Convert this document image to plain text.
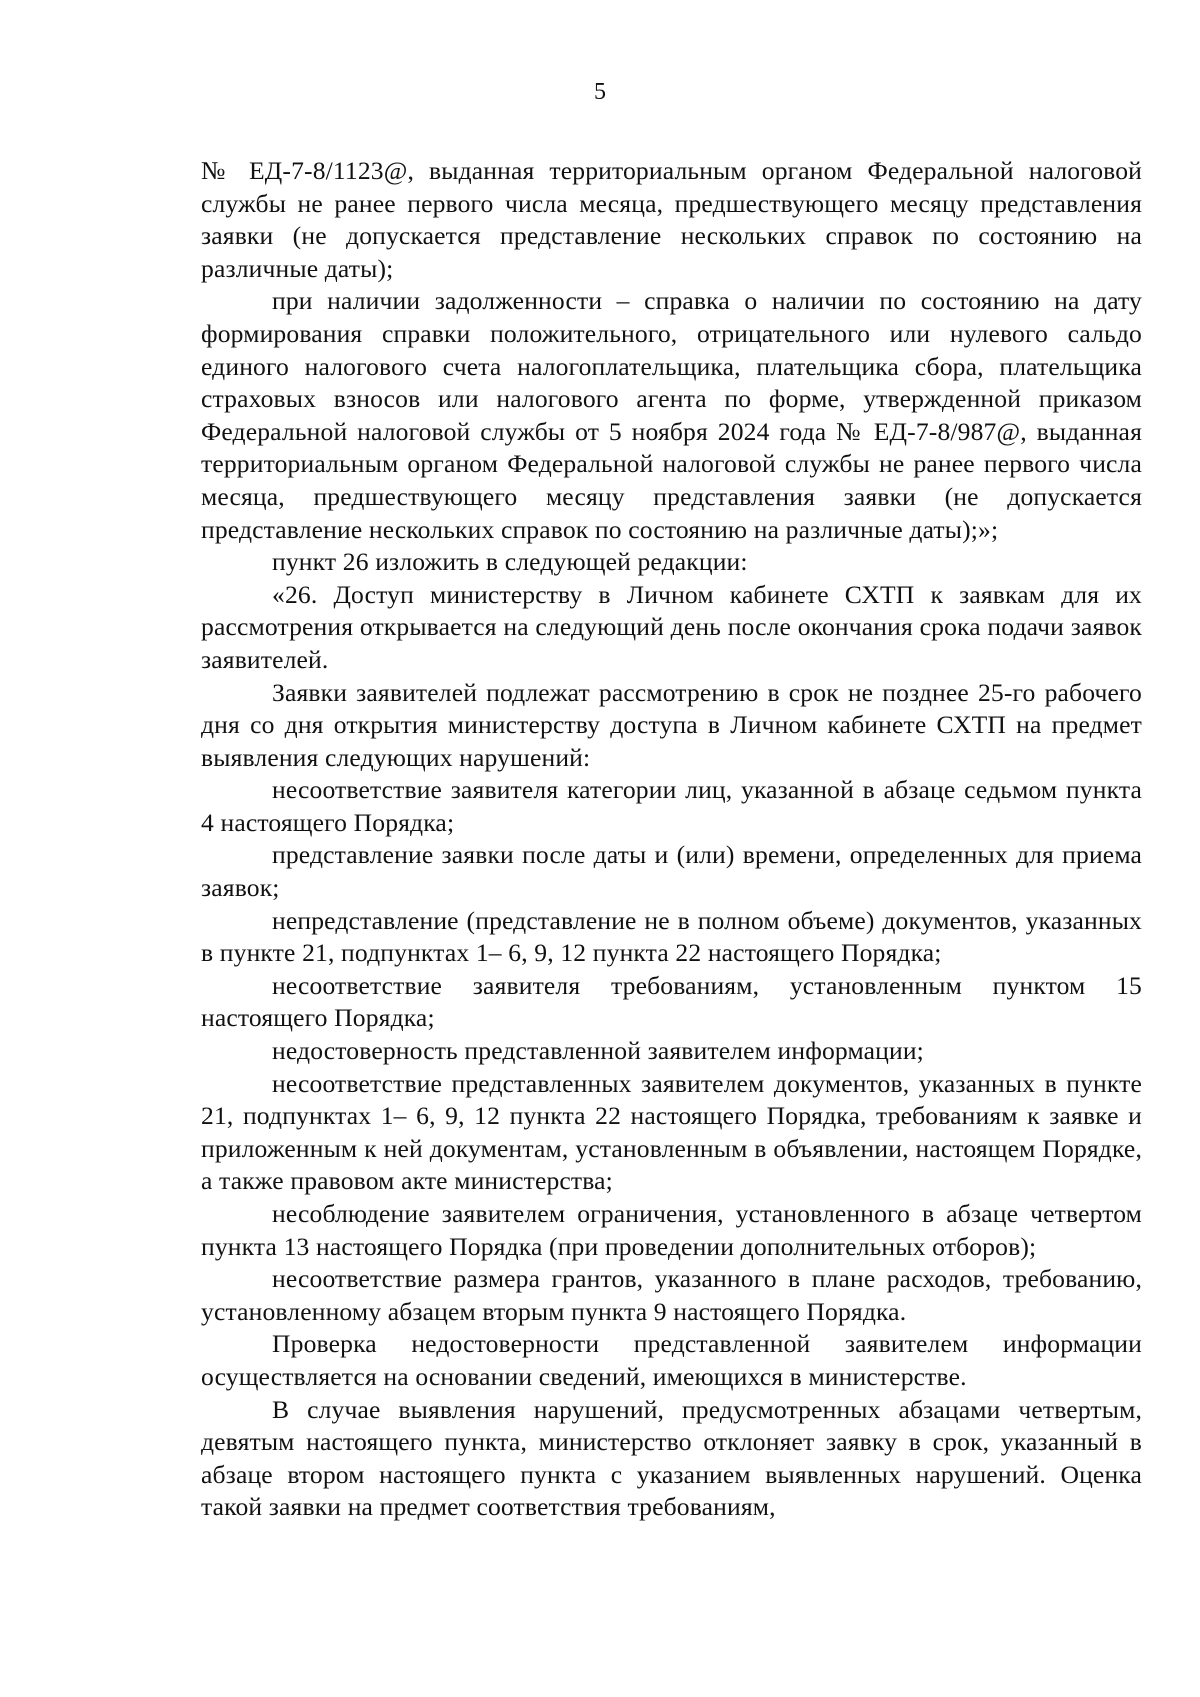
5

№ ЕД-7-8/1123@, выданная территориальным органом Федеральной налоговой службы не ранее первого числа месяца, предшествующего месяцу представления заявки (не допускается представление нескольких справок по состоянию на различные даты);

при наличии задолженности – справка о наличии по состоянию на дату формирования справки положительного, отрицательного или нулевого сальдо единого налогового счета налогоплательщика, плательщика сбора, плательщика страховых взносов или налогового агента по форме, утвержденной приказом Федеральной налоговой службы от 5 ноября 2024 года № ЕД-7-8/987@, выданная территориальным органом Федеральной налоговой службы не ранее первого числа месяца, предшествующего месяцу представления заявки (не допускается представление нескольких справок по состоянию на различные даты);»;

пункт 26 изложить в следующей редакции:

«26. Доступ министерству в Личном кабинете СХТП к заявкам для их рассмотрения открывается на следующий день после окончания срока подачи заявок заявителей.

Заявки заявителей подлежат рассмотрению в срок не позднее 25-го рабочего дня со дня открытия министерству доступа в Личном кабинете СХТП на предмет выявления следующих нарушений:

несоответствие заявителя категории лиц, указанной в абзаце седьмом пункта 4 настоящего Порядка;

представление заявки после даты и (или) времени, определенных для приема заявок;

непредставление (представление не в полном объеме) документов, указанных в пункте 21, подпунктах 1– 6, 9, 12 пункта 22 настоящего Порядка;

несоответствие заявителя требованиям, установленным пунктом 15 настоящего Порядка;

недостоверность представленной заявителем информации;

несоответствие представленных заявителем документов, указанных в пункте 21, подпунктах 1– 6, 9, 12 пункта 22 настоящего Порядка, требованиям к заявке и приложенным к ней документам, установленным в объявлении, настоящем Порядке, а также правовом акте министерства;

несоблюдение заявителем ограничения, установленного в абзаце четвертом пункта 13 настоящего Порядка (при проведении дополнительных отборов);

несоответствие размера грантов, указанного в плане расходов, требованию, установленному абзацем вторым пункта 9 настоящего Порядка.

Проверка недостоверности представленной заявителем информации осуществляется на основании сведений, имеющихся в министерстве.

В случае выявления нарушений, предусмотренных абзацами четвертым, девятым настоящего пункта, министерство отклоняет заявку в срок, указанный в абзаце втором настоящего пункта с указанием выявленных нарушений. Оценка такой заявки на предмет соответствия требованиям,
